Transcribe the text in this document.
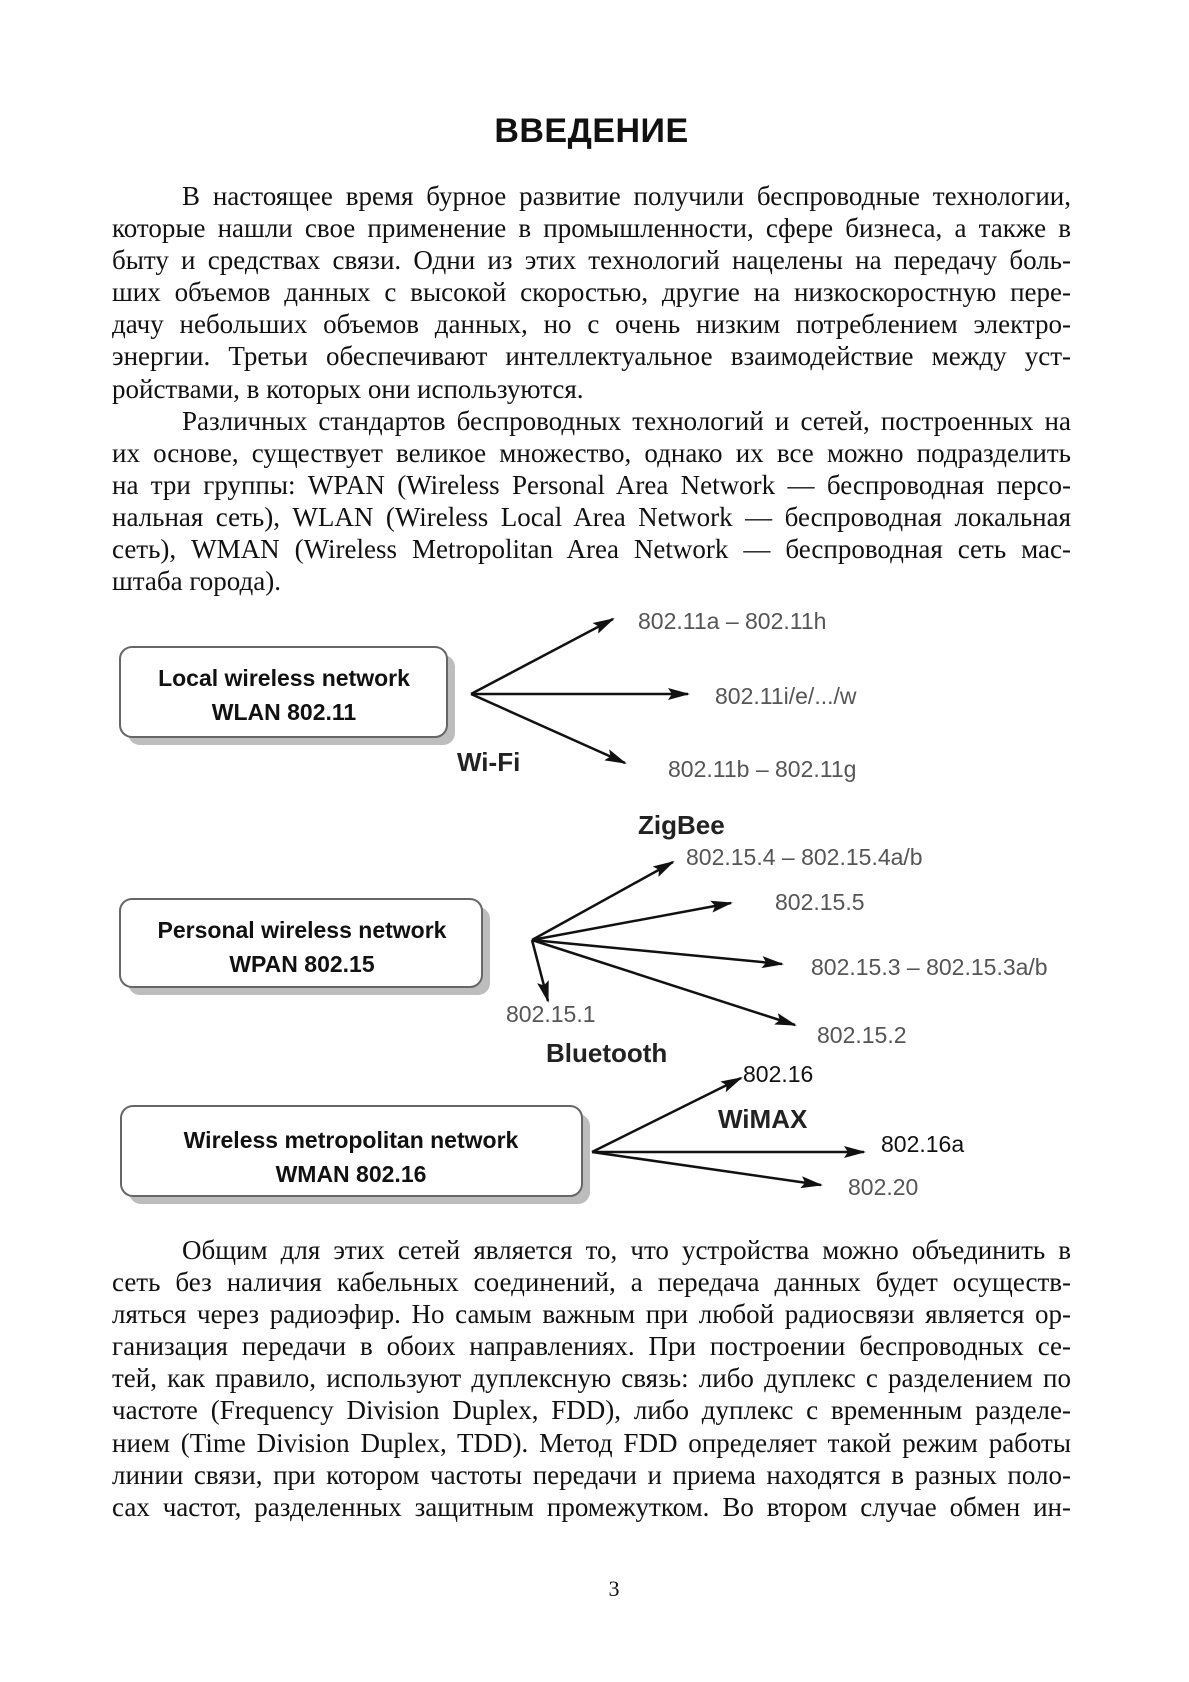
ВВЕДЕНИЕ
В настоящее время бурное развитие получили беспроводные технологии,
которые нашли свое применение в промышленности, сфере бизнеса, а также в
быту и средствах связи. Одни из этих технологий нацелены на передачу боль-
ших объемов данных с высокой скоростью, другие на низкоскоростную пере-
дачу небольших объемов данных, но с очень низким потреблением электро-
энергии. Третьи обеспечивают интеллектуальное взаимодействие между уст-
ройствами, в которых они используются.
Различных стандартов беспроводных технологий и сетей, построенных на
их основе, существует великое множество, однако их все можно подразделить
на три группы: WPAN (Wireless Personal Area Network — беспроводная персо-
нальная сеть), WLAN (Wireless Local Area Network — беспроводная локальная
сеть), WMAN (Wireless Metropolitan Area Network — беспроводная сеть мас-
штаба города).
Local wireless network
WLAN 802.11
802.11a – 802.11h
802.11i/e/.../w
802.11b – 802.11g
Wi-Fi
ZigBee
Personal wireless network
WPAN 802.15
802.15.4 – 802.15.4a/b
802.15.5
802.15.3 – 802.15.3a/b
802.15.2
802.15.1
Bluetooth
Wireless metropolitan network
WMAN 802.16
802.16
WiMAX
802.16a
802.20
Общим для этих сетей является то, что устройства можно объединить в
сеть без наличия кабельных соединений, а передача данных будет осуществ-
ляться через радиоэфир. Но самым важным при любой радиосвязи является ор-
ганизация передачи в обоих направлениях. При построении беспроводных се-
тей, как правило, используют дуплексную связь: либо дуплекс с разделением по
частоте (Frequency Division Duplex, FDD), либо дуплекс с временным разделе-
нием (Time Division Duplex, TDD). Метод FDD определяет такой режим работы
линии связи, при котором частоты передачи и приема находятся в разных поло-
сах частот, разделенных защитным промежутком. Во втором случае обмен ин-
3
